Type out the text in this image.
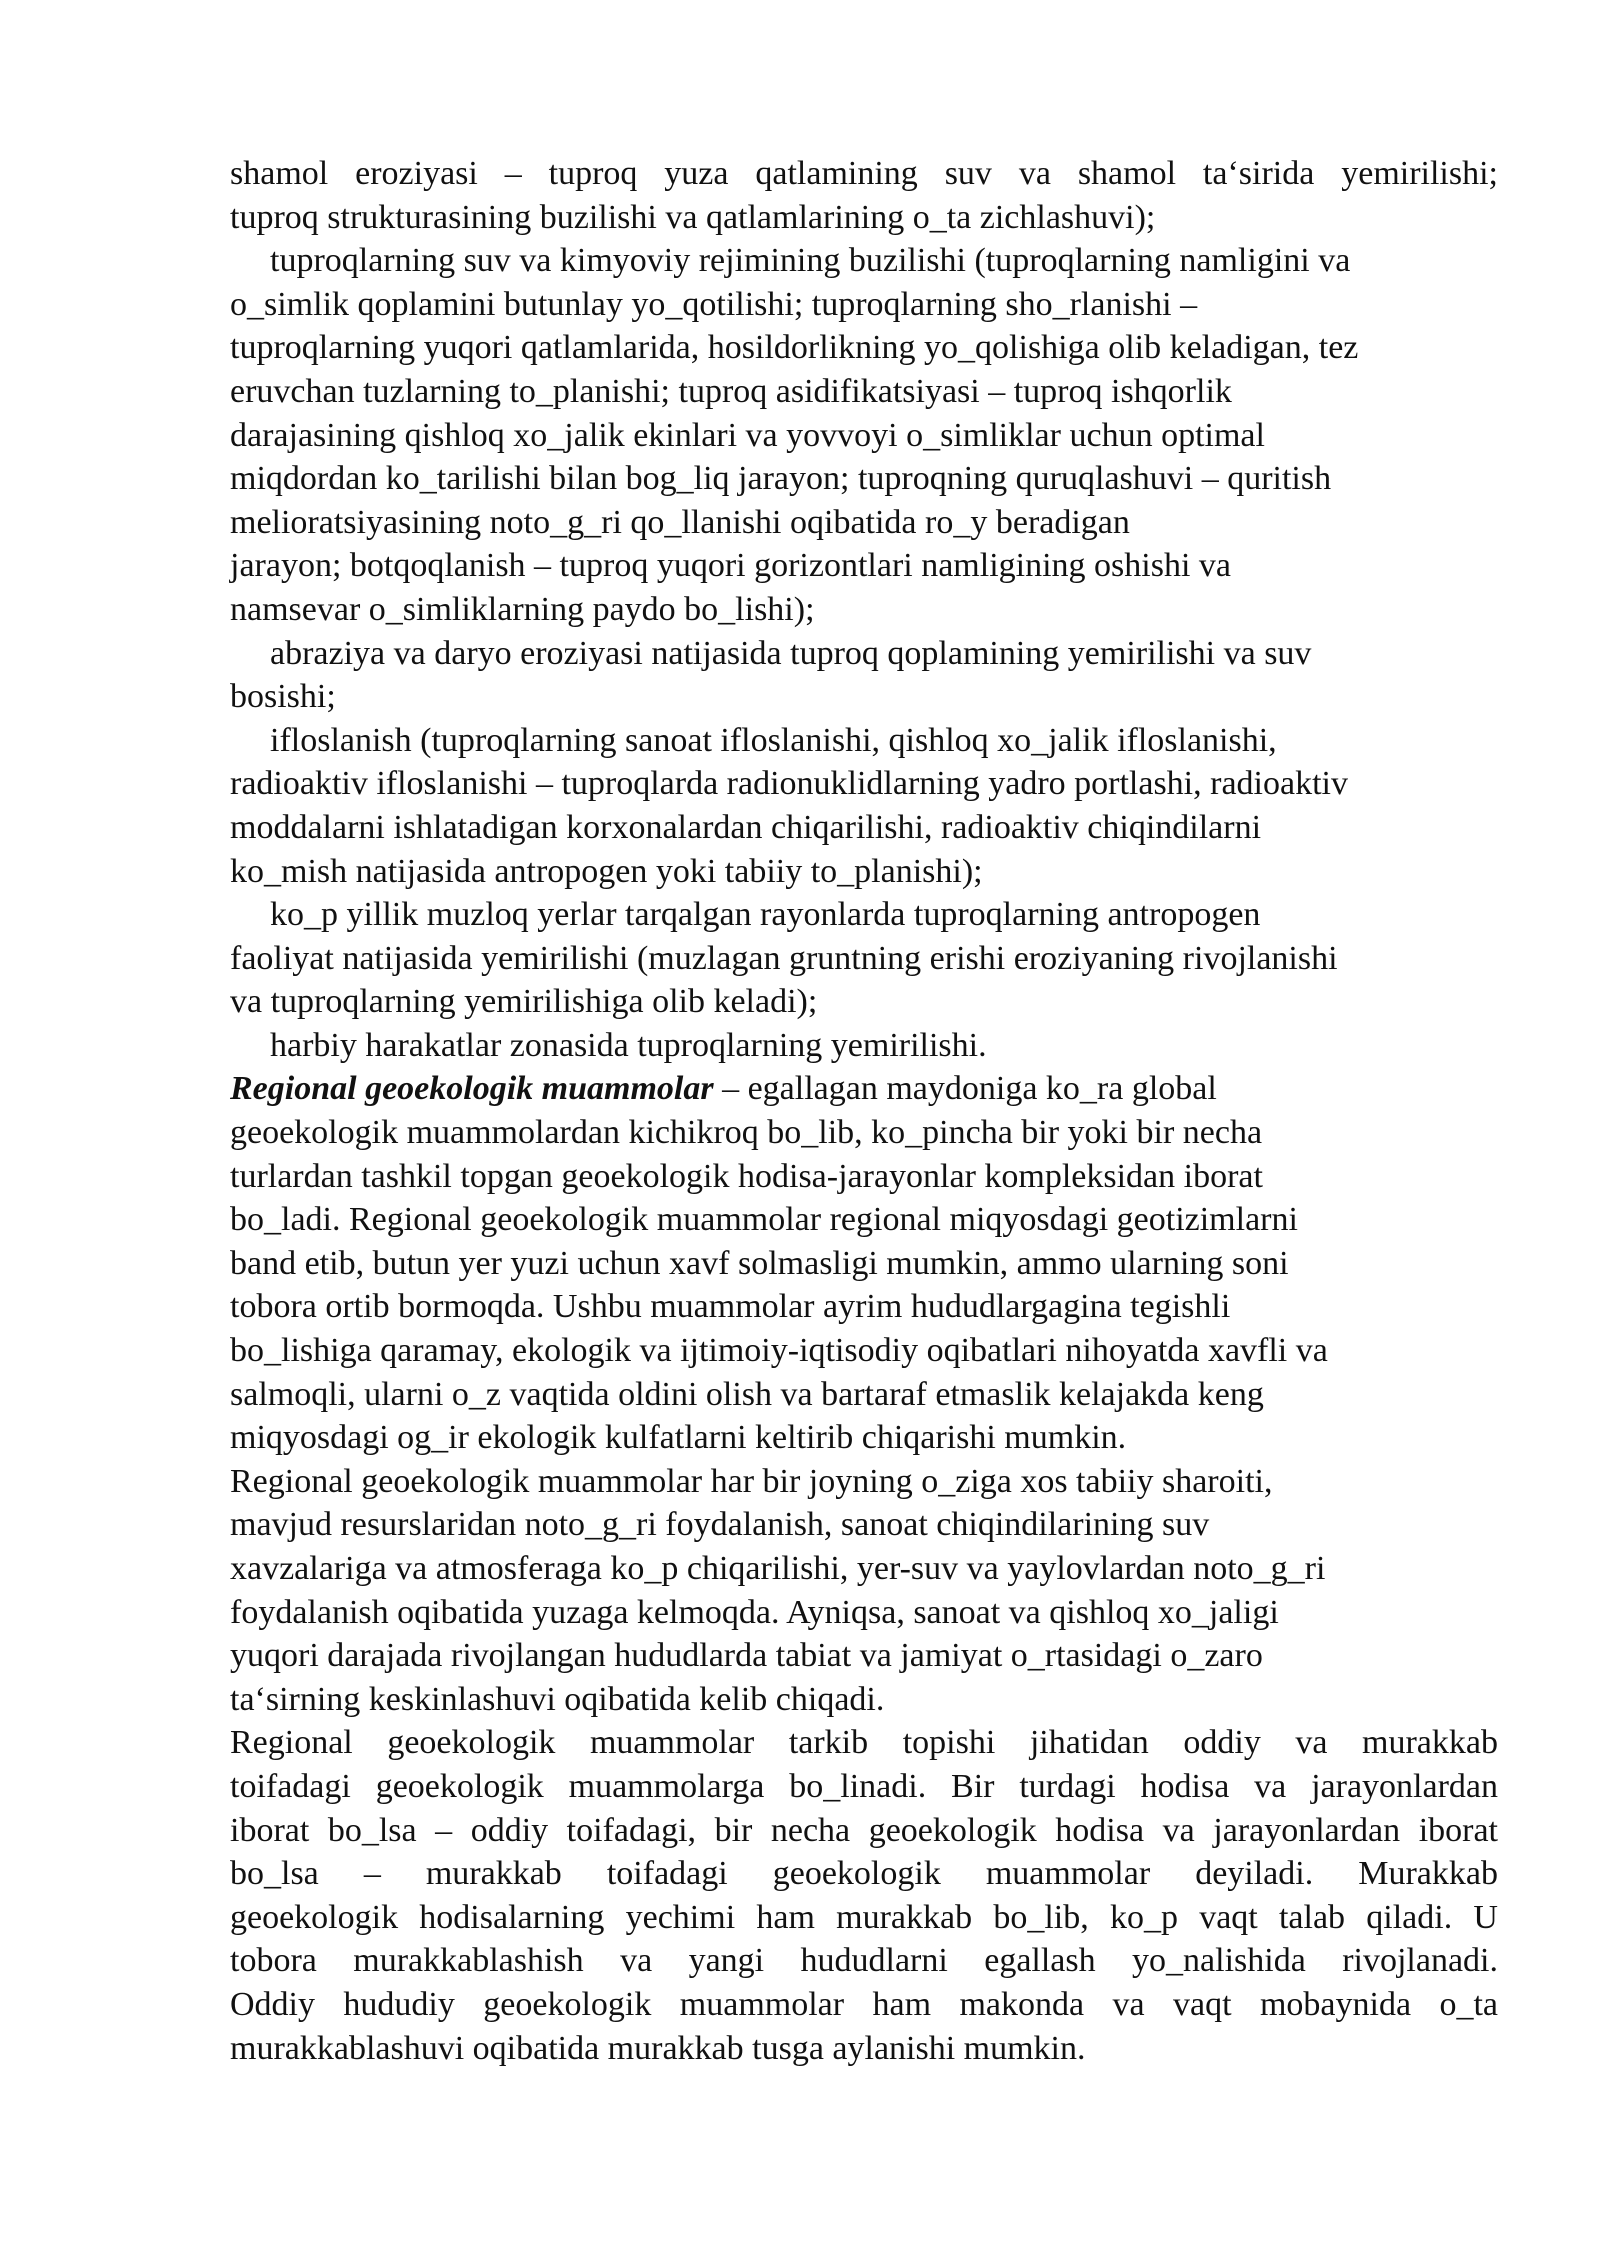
shamol eroziyasi – tuproq yuza qatlamining suv va shamol ta‘sirida yemirilishi;
tuproq strukturasining buzilishi va qatlamlarining o_ta zichlashuvi);
tuproqlarning suv va kimyoviy rejimining buzilishi (tuproqlarning namligini va
o_simlik qoplamini butunlay yo_qotilishi; tuproqlarning sho_rlanishi –
tuproqlarning yuqori qatlamlarida, hosildorlikning yo_qolishiga olib keladigan, tez
eruvchan tuzlarning to_planishi; tuproq asidifikatsiyasi – tuproq ishqorlik
darajasining qishloq xo_jalik ekinlari va yovvoyi o_simliklar uchun optimal
miqdordan ko_tarilishi bilan bog_liq jarayon; tuproqning quruqlashuvi – quritish
melioratsiyasining noto_g_ri qo_llanishi oqibatida ro_y beradigan
jarayon; botqoqlanish – tuproq yuqori gorizontlari namligining oshishi va
namsevar o_simliklarning paydo bo_lishi);
abraziya va daryo eroziyasi natijasida tuproq qoplamining yemirilishi va suv
bosishi;
ifloslanish (tuproqlarning sanoat ifloslanishi, qishloq xo_jalik ifloslanishi,
radioaktiv ifloslanishi – tuproqlarda radionuklidlarning yadro portlashi, radioaktiv
moddalarni ishlatadigan korxonalardan chiqarilishi, radioaktiv chiqindilarni
ko_mish natijasida antropogen yoki tabiiy to_planishi);
ko_p yillik muzloq yerlar tarqalgan rayonlarda tuproqlarning antropogen
faoliyat natijasida yemirilishi (muzlagan gruntning erishi eroziyaning rivojlanishi
va tuproqlarning yemirilishiga olib keladi);
harbiy harakatlar zonasida tuproqlarning yemirilishi.
Regional geoekologik muammolar – egallagan maydoniga ko_ra global
geoekologik muammolardan kichikroq bo_lib, ko_pincha bir yoki bir necha
turlardan tashkil topgan geoekologik hodisa-jarayonlar kompleksidan iborat
bo_ladi. Regional geoekologik muammolar regional miqyosdagi geotizimlarni
band etib, butun yer yuzi uchun xavf solmasligi mumkin, ammo ularning soni
tobora ortib bormoqda. Ushbu muammolar ayrim hududlargagina tegishli
bo_lishiga qaramay, ekologik va ijtimoiy-iqtisodiy oqibatlari nihoyatda xavfli va
salmoqli, ularni o_z vaqtida oldini olish va bartaraf etmaslik kelajakda keng
miqyosdagi og_ir ekologik kulfatlarni keltirib chiqarishi mumkin.
Regional geoekologik muammolar har bir joyning o_ziga xos tabiiy sharoiti,
mavjud resurslaridan noto_g_ri foydalanish, sanoat chiqindilarining suv
xavzalariga va atmosferaga ko_p chiqarilishi, yer-suv va yaylovlardan noto_g_ri
foydalanish oqibatida yuzaga kelmoqda. Ayniqsa, sanoat va qishloq xo_jaligi
yuqori darajada rivojlangan hududlarda tabiat va jamiyat o_rtasidagi o_zaro
ta‘sirning keskinlashuvi oqibatida kelib chiqadi.
Regional geoekologik muammolar tarkib topishi jihatidan oddiy va murakkab
toifadagi geoekologik muammolarga bo_linadi. Bir turdagi hodisa va jarayonlardan
iborat bo_lsa – oddiy toifadagi, bir necha geoekologik hodisa va jarayonlardan iborat
bo_lsa – murakkab toifadagi geoekologik muammolar deyiladi. Murakkab
geoekologik hodisalarning yechimi ham murakkab bo_lib, ko_p vaqt talab qiladi. U
tobora murakkablashish va yangi hududlarni egallash yo_nalishida rivojlanadi.
Oddiy hududiy geoekologik muammolar ham makonda va vaqt mobaynida o_ta
murakkablashuvi oqibatida murakkab tusga aylanishi mumkin.
